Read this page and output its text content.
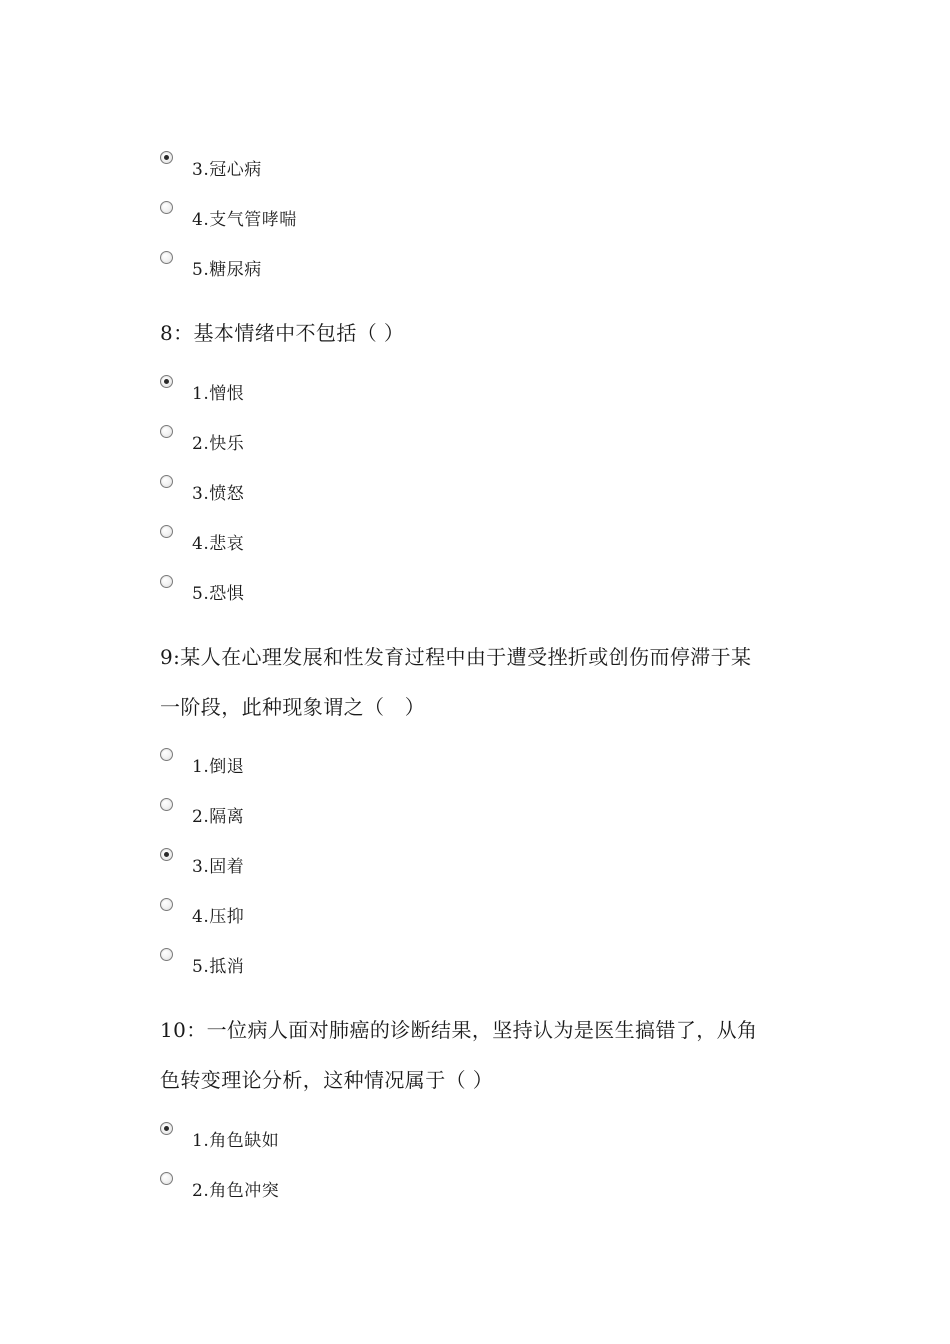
3.冠心病
4.支气管哮喘
5.糖尿病
8：基本情绪中不包括（ ）
1.憎恨
2.快乐
3.愤怒
4.悲哀
5.恐惧
9:某人在心理发展和性发育过程中由于遭受挫折或创伤而停滞于某
一阶段，此种现象谓之（　）
1.倒退
2.隔离
3.固着
4.压抑
5.抵消
10：一位病人面对肺癌的诊断结果，坚持认为是医生搞错了，从角
色转变理论分析，这种情况属于（ ）
1.角色缺如
2.角色冲突
